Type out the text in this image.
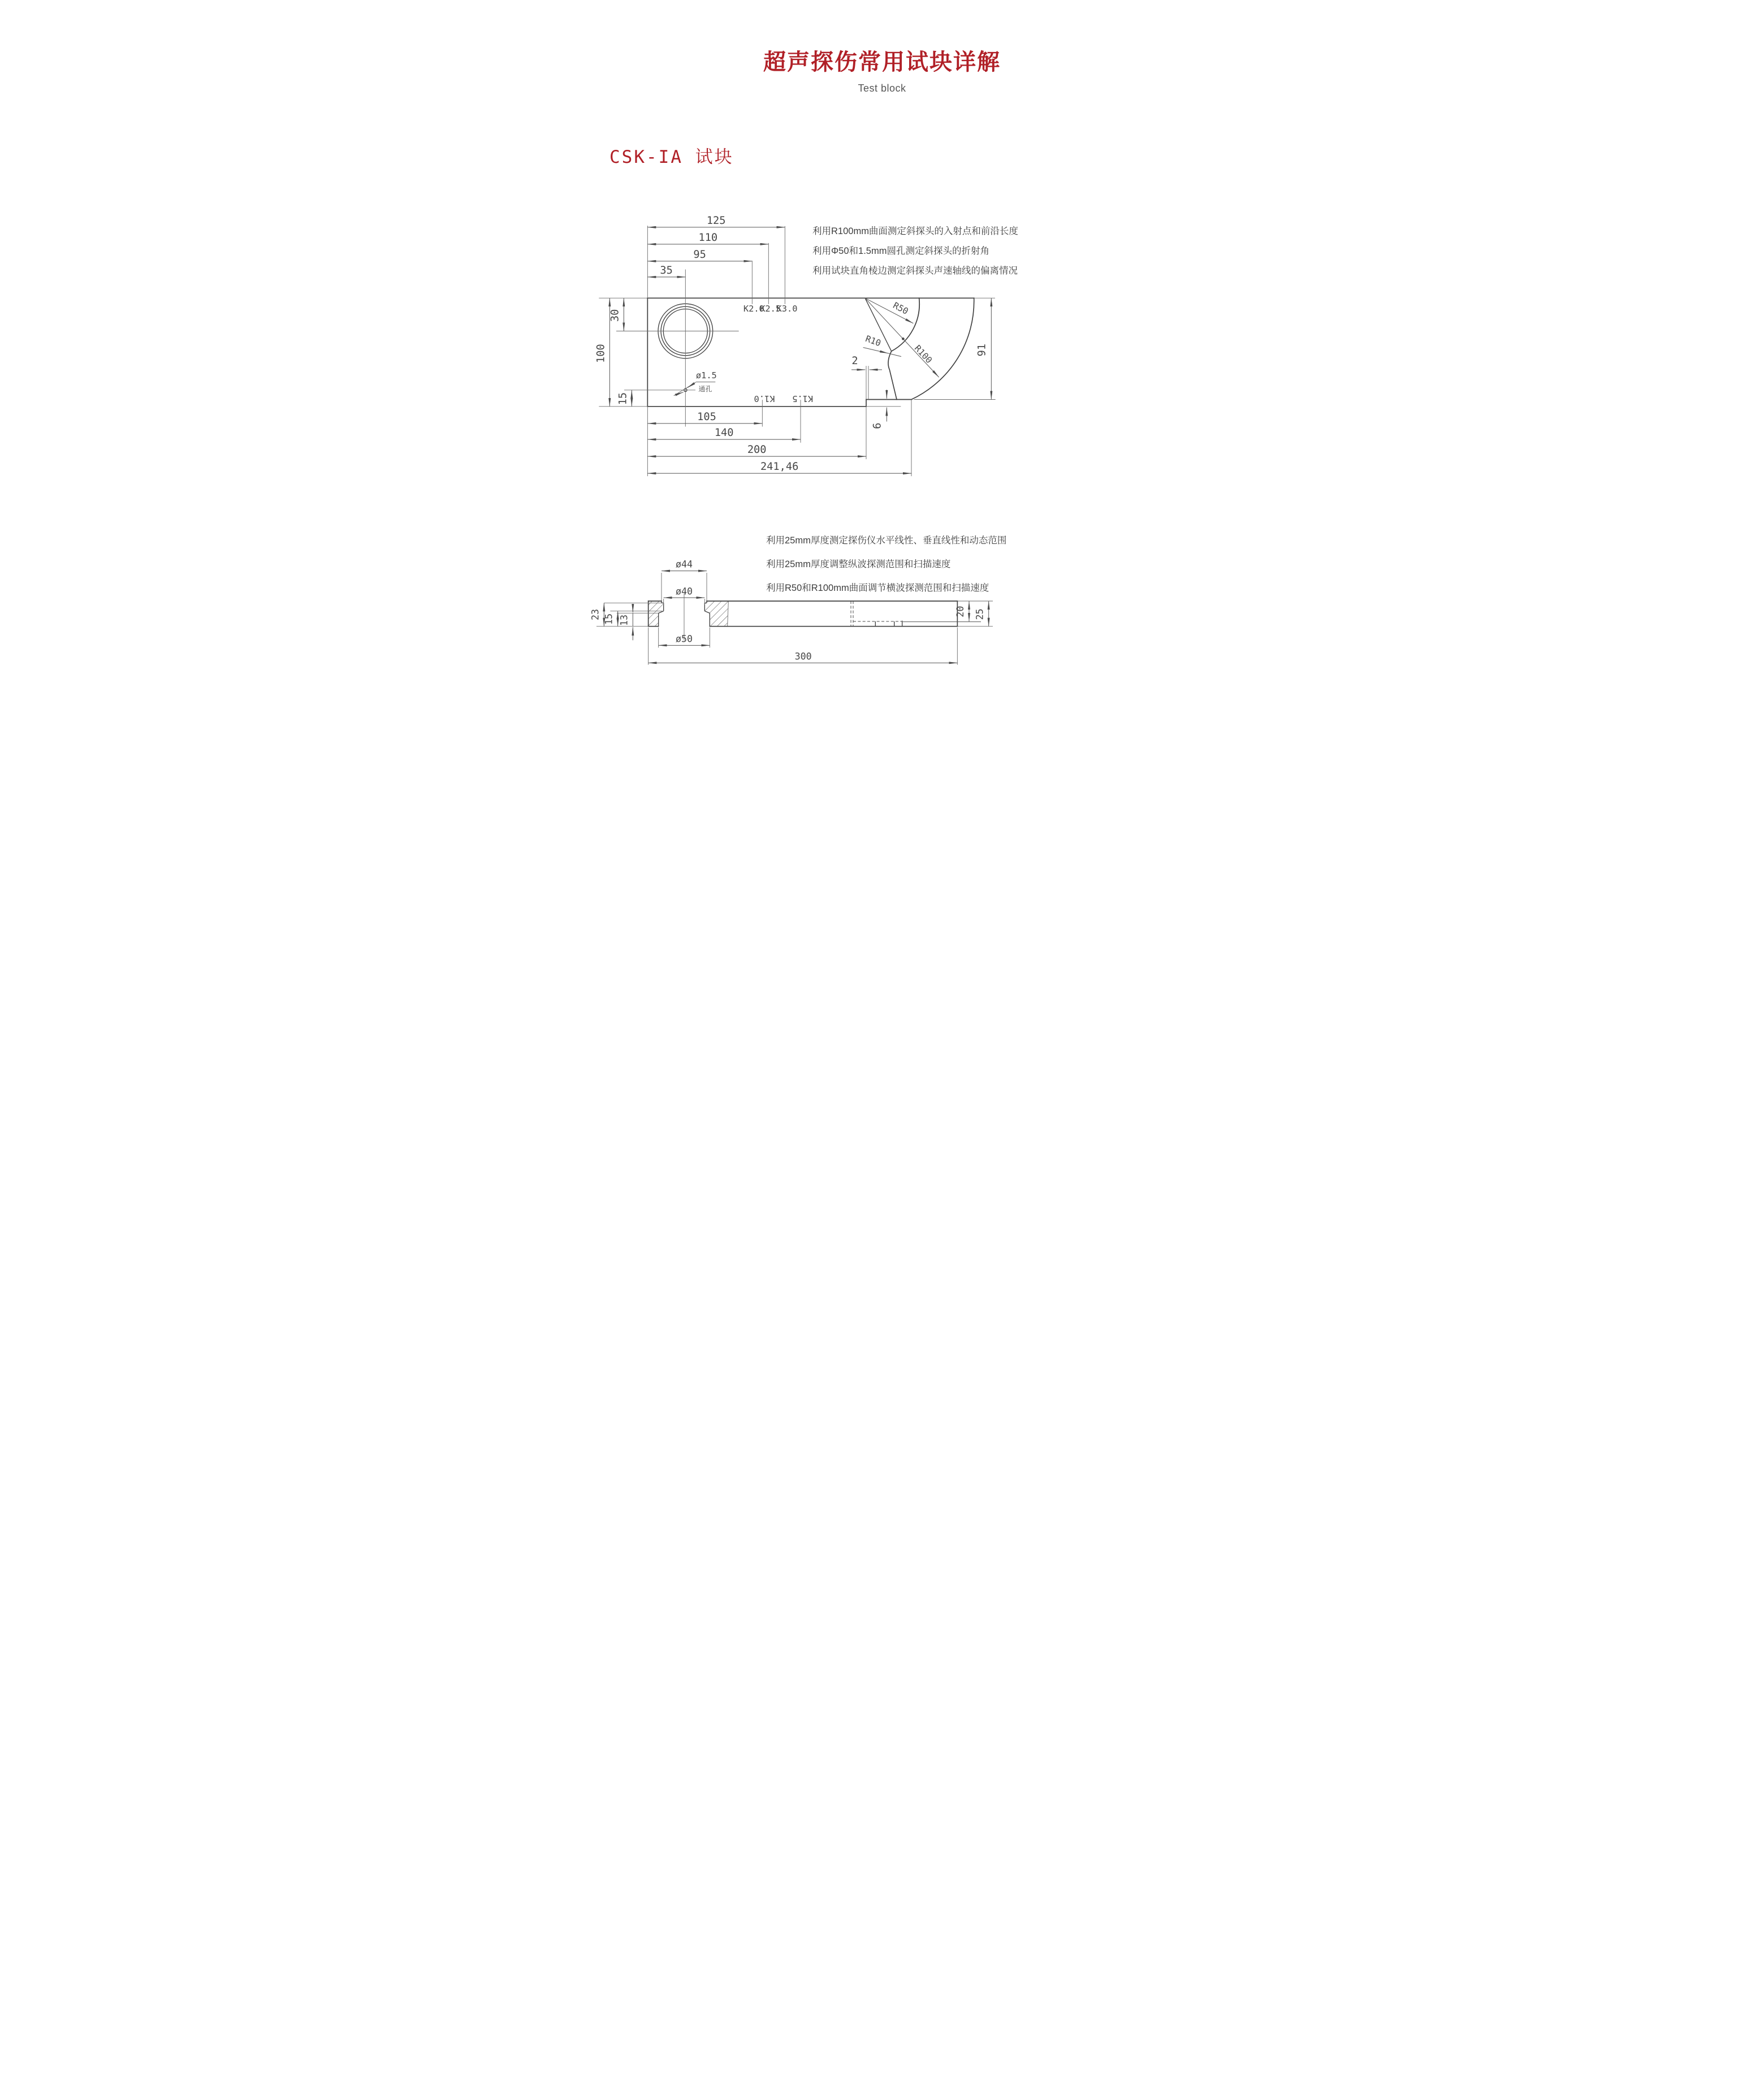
超声探伤常用试块详解
Test block
CSK-IA 试块
ø1.5
通孔
K2.0
K2.5
K3.0
K1.0 K1.5
125
110
95
35
105
140
200
241,46
100
30
15
91
2
6
R50
R100
R10
ø44
ø40
ø50
300
23 15 13
20 25
利用R100mm曲面测定斜探头的入射点和前沿长度
利用Φ50和1.5mm圆孔测定斜探头的折射角
利用试块直角棱边测定斜探头声速轴线的偏离情况
利用25mm厚度测定探伤仪水平线性、垂直线性和动态范围
利用25mm厚度调整纵波探测范围和扫描速度
利用R50和R100mm曲面调节横波探测范围和扫描速度
